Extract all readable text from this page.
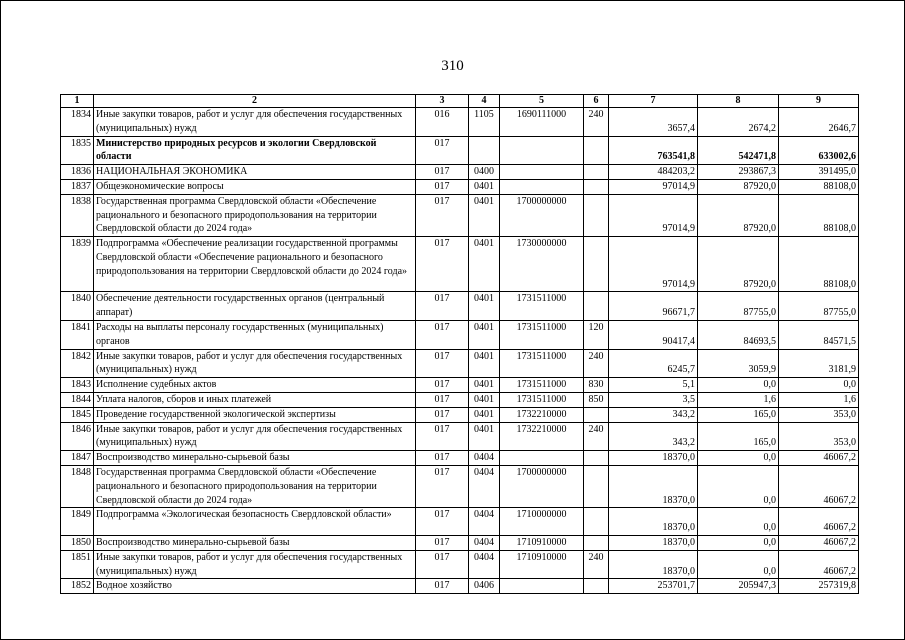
310
1	2	3	4	5	6	7	8	9
1834	Иные закупки товаров, работ и услуг для обеспечения государственных (муниципальных) нужд	016	1105	1690111000	240	3657,4	2674,2	2646,7
1835	Министерство природных ресурсов и экологии Свердловской области	017				763541,8	542471,8	633002,6
1836	НАЦИОНАЛЬНАЯ ЭКОНОМИКА	017	0400			484203,2	293867,3	391495,0
1837	Общеэкономические вопросы	017	0401			97014,9	87920,0	88108,0
1838	Государственная программа Свердловской области «Обеспечение рационального и безопасного природопользования на территории Свердловской области до 2024 года»	017	0401	1700000000		97014,9	87920,0	88108,0
1839	Подпрограмма «Обеспечение реализации государственной программы Свердловской области «Обеспечение рационального и безопасного природопользования на территории Свердловской области до 2024 года»	017	0401	1730000000		97014,9	87920,0	88108,0
1840	Обеспечение деятельности государственных органов (центральный аппарат)	017	0401	1731511000		96671,7	87755,0	87755,0
1841	Расходы на выплаты персоналу государственных (муниципальных) органов	017	0401	1731511000	120	90417,4	84693,5	84571,5
1842	Иные закупки товаров, работ и услуг для обеспечения государственных (муниципальных) нужд	017	0401	1731511000	240	6245,7	3059,9	3181,9
1843	Исполнение судебных актов	017	0401	1731511000	830	5,1	0,0	0,0
1844	Уплата налогов, сборов и иных платежей	017	0401	1731511000	850	3,5	1,6	1,6
1845	Проведение государственной экологической экспертизы	017	0401	1732210000		343,2	165,0	353,0
1846	Иные закупки товаров, работ и услуг для обеспечения государственных (муниципальных) нужд	017	0401	1732210000	240	343,2	165,0	353,0
1847	Воспроизводство минерально-сырьевой базы	017	0404			18370,0	0,0	46067,2
1848	Государственная программа Свердловской области «Обеспечение рационального и безопасного природопользования на территории Свердловской области до 2024 года»	017	0404	1700000000		18370,0	0,0	46067,2
1849	Подпрограмма «Экологическая безопасность Свердловской области»	017	0404	1710000000		18370,0	0,0	46067,2
1850	Воспроизводство минерально-сырьевой базы	017	0404	1710910000		18370,0	0,0	46067,2
1851	Иные закупки товаров, работ и услуг для обеспечения государственных (муниципальных) нужд	017	0404	1710910000	240	18370,0	0,0	46067,2
1852	Водное хозяйство	017	0406			253701,7	205947,3	257319,8
